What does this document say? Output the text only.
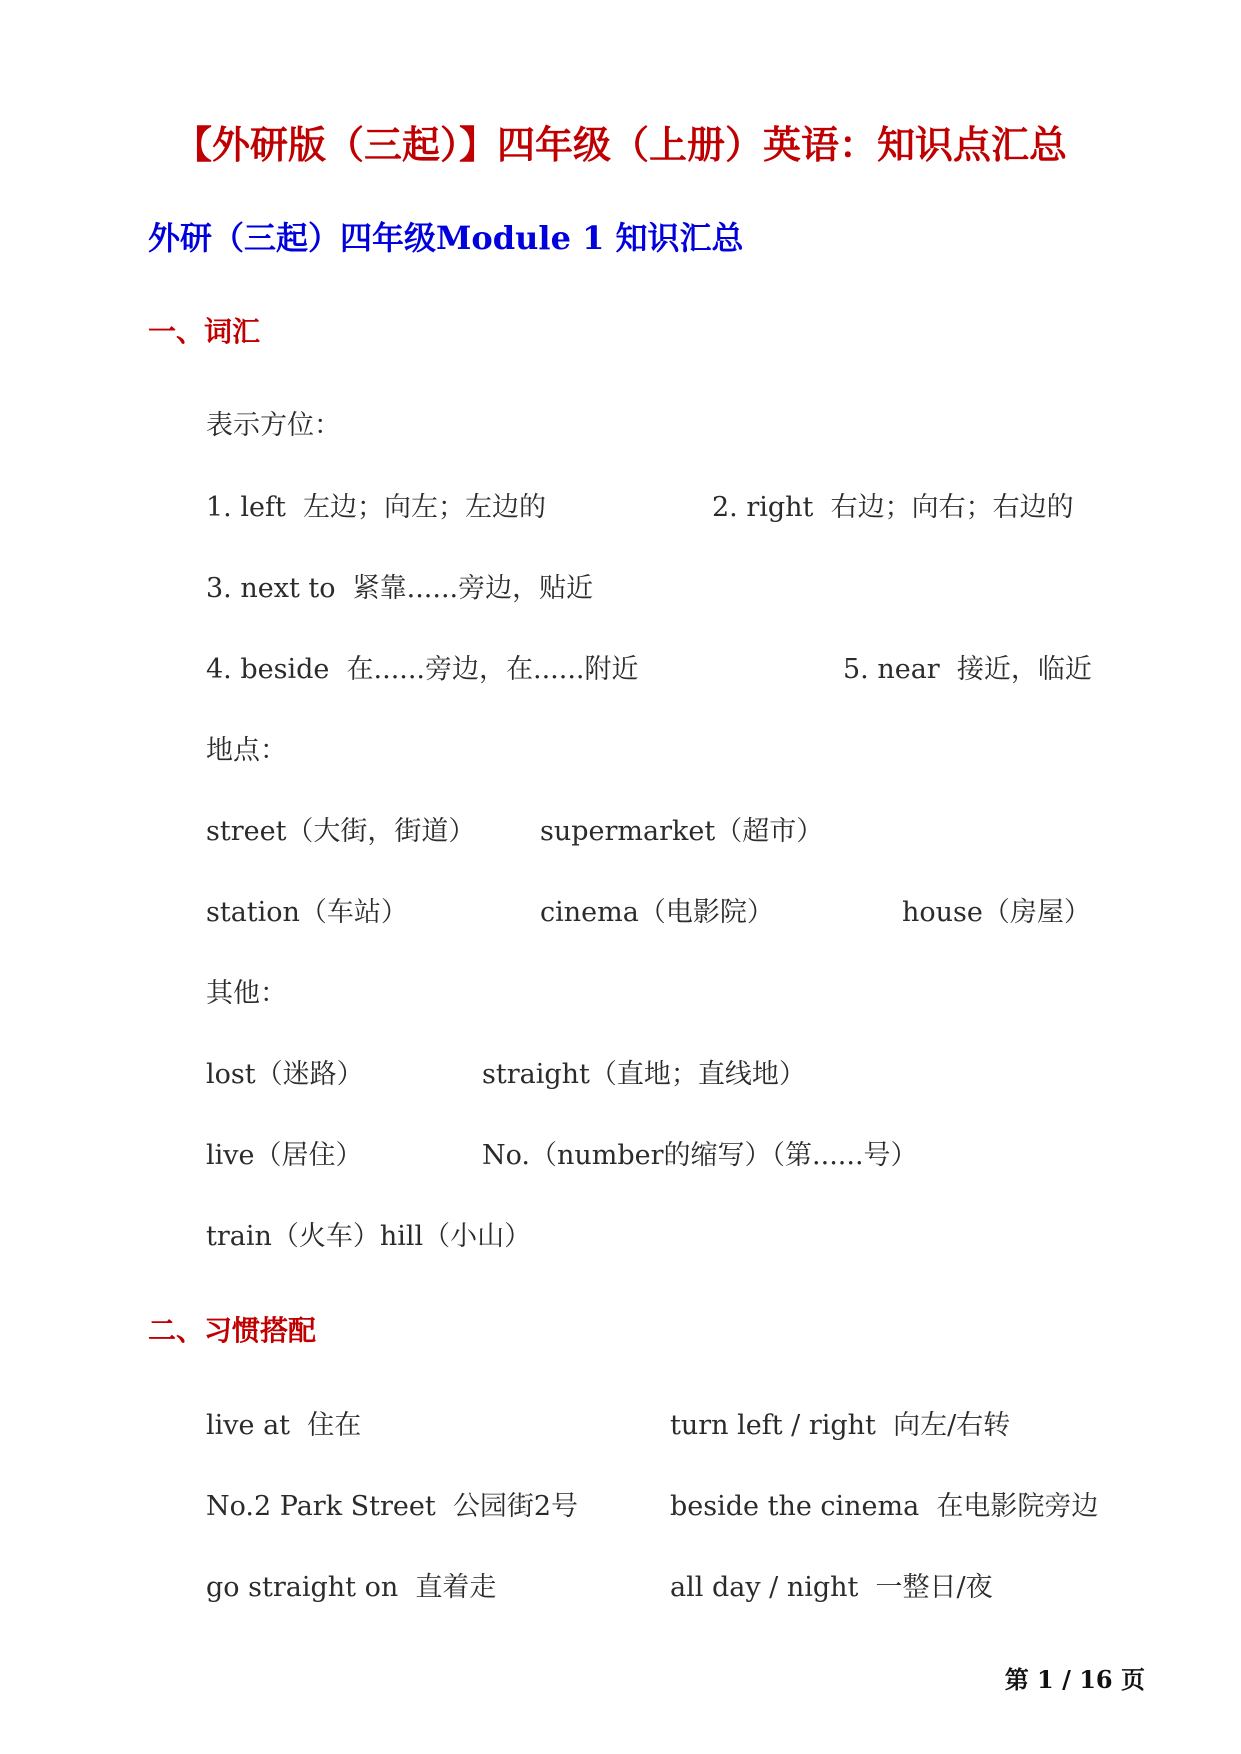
【外研版（三起）】四年级（上册）英语：知识点汇总
外研（三起）四年级Module 1 知识汇总
一、词汇
表示方位：
1. left  左边；向左；左边的	2. right  右边；向右；右边的
3. next to  紧靠......旁边，贴近
4. beside  在......旁边，在......附近	5. near  接近，临近
地点：
street（大街，街道） supermarket（超市）
station（车站）	cinema（电影院）	house（房屋）
其他：
lost（迷路）	straight（直地；直线地）
live（居住）	No.（number的缩写）（第......号）
train（火车）hill（小山）
二、习惯搭配
live at  住在	turn left / right  向左/右转
No.2 Park Street  公园街2号	beside the cinema  在电影院旁边
go straight on  直着走	all day / night  一整日/夜
第 1 / 16 页
